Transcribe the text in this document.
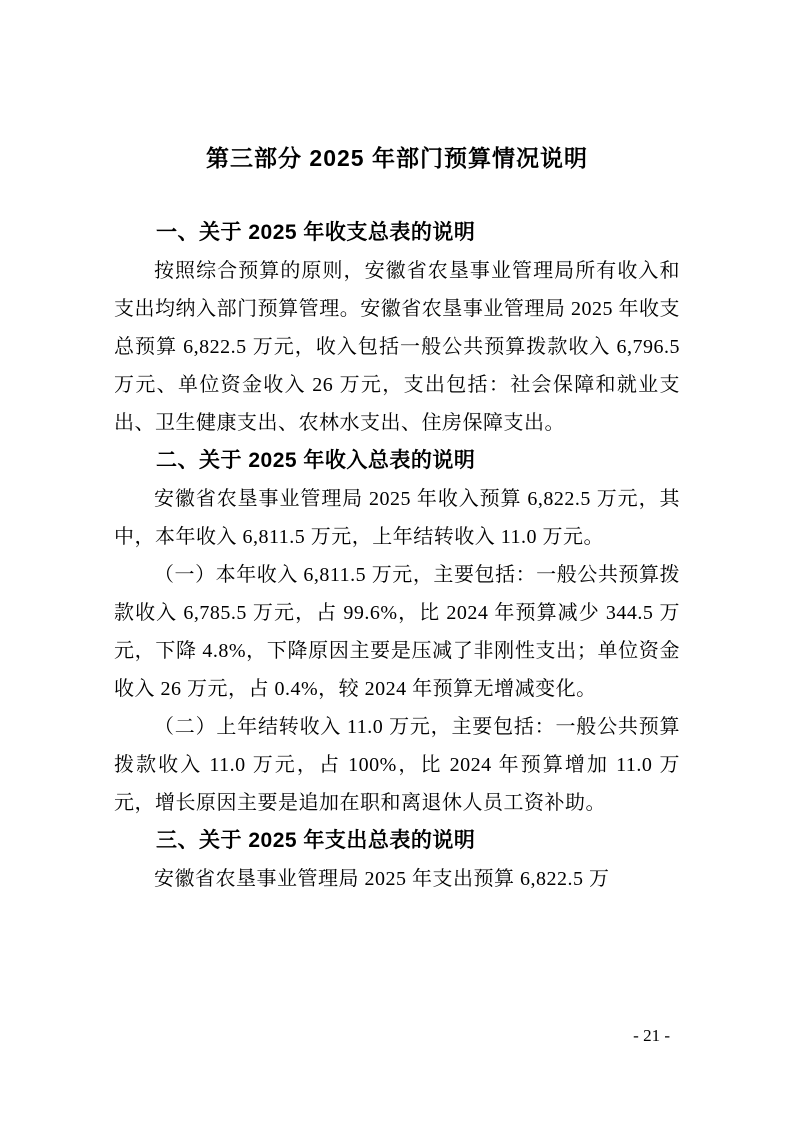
第三部分 2025 年部门预算情况说明
一、关于 2025 年收支总表的说明
按照综合预算的原则，安徽省农垦事业管理局所有收入和支出均纳入部门预算管理。安徽省农垦事业管理局 2025 年收支总预算 6,822.5 万元，收入包括一般公共预算拨款收入 6,796.5 万元、单位资金收入 26 万元，支出包括：社会保障和就业支出、卫生健康支出、农林水支出、住房保障支出。
二、关于 2025 年收入总表的说明
安徽省农垦事业管理局 2025 年收入预算 6,822.5 万元，其中，本年收入 6,811.5 万元，上年结转收入 11.0 万元。
（一）本年收入 6,811.5 万元，主要包括：一般公共预算拨款收入 6,785.5 万元，占 99.6%，比 2024 年预算减少 344.5 万元，下降 4.8%，下降原因主要是压减了非刚性支出；单位资金收入 26 万元，占 0.4%，较 2024 年预算无增减变化。
（二）上年结转收入 11.0 万元，主要包括：一般公共预算拨款收入 11.0 万元，占 100%，比 2024 年预算增加 11.0 万元，增长原因主要是追加在职和离退休人员工资补助。
三、关于 2025 年支出总表的说明
安徽省农垦事业管理局 2025 年支出预算 6,822.5 万
- 21 -
